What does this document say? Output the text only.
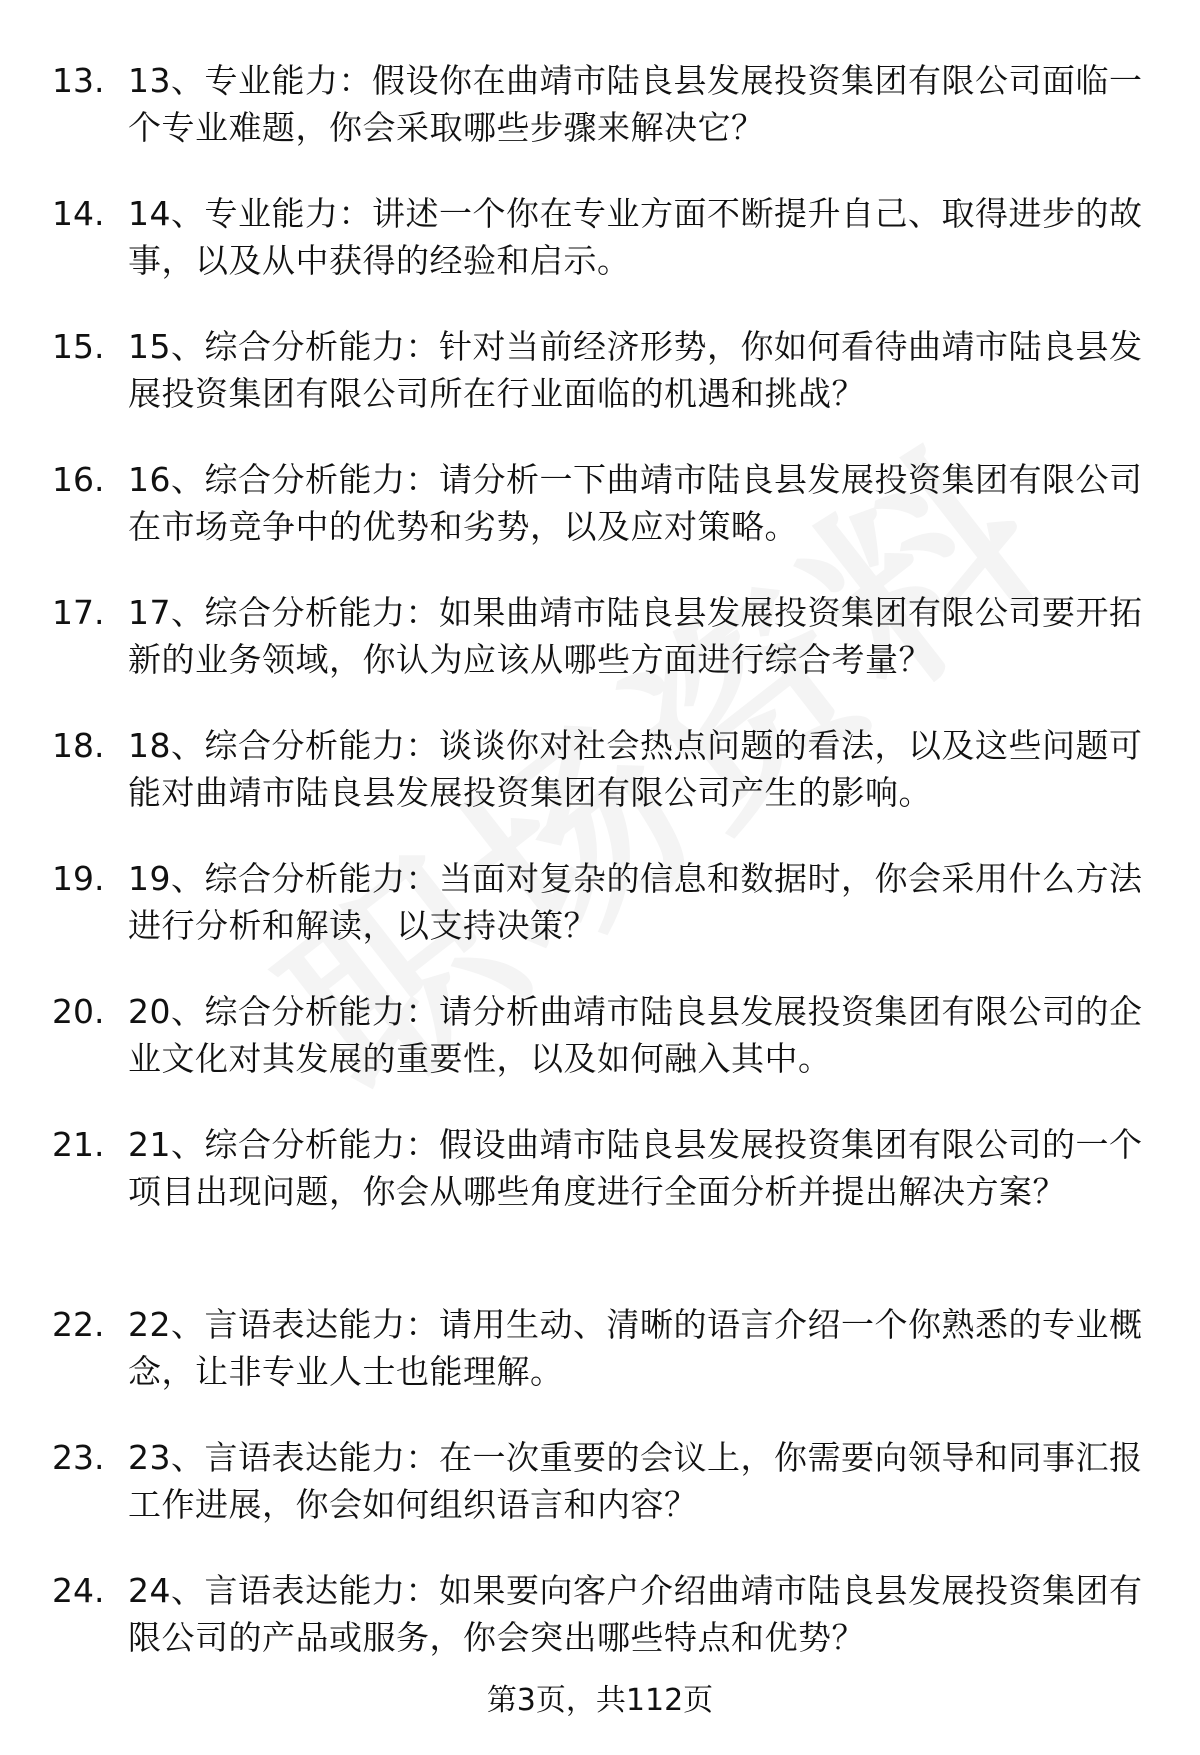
13. 13、专业能力：假设你在曲靖市陆良县发展投资集团有限公司面临一个专业难题，你会采取哪些步骤来解决它？
14. 14、专业能力：讲述一个你在专业方面不断提升自己、取得进步的故事，以及从中获得的经验和启示。
15. 15、综合分析能力：针对当前经济形势，你如何看待曲靖市陆良县发展投资集团有限公司所在行业面临的机遇和挑战？
16. 16、综合分析能力：请分析一下曲靖市陆良县发展投资集团有限公司在市场竞争中的优势和劣势，以及应对策略。
17. 17、综合分析能力：如果曲靖市陆良县发展投资集团有限公司要开拓新的业务领域，你认为应该从哪些方面进行综合考量？
18. 18、综合分析能力：谈谈你对社会热点问题的看法，以及这些问题可能对曲靖市陆良县发展投资集团有限公司产生的影响。
19. 19、综合分析能力：当面对复杂的信息和数据时，你会采用什么方法进行分析和解读，以支持决策？
20. 20、综合分析能力：请分析曲靖市陆良县发展投资集团有限公司的企业文化对其发展的重要性，以及如何融入其中。
21. 21、综合分析能力：假设曲靖市陆良县发展投资集团有限公司的一个项目出现问题，你会从哪些角度进行全面分析并提出解决方案？
22. 22、言语表达能力：请用生动、清晰的语言介绍一个你熟悉的专业概念，让非专业人士也能理解。
23. 23、言语表达能力：在一次重要的会议上，你需要向领导和同事汇报工作进展，你会如何组织语言和内容？
24. 24、言语表达能力：如果要向客户介绍曲靖市陆良县发展投资集团有限公司的产品或服务，你会突出哪些特点和优势？
第3页，共112页
